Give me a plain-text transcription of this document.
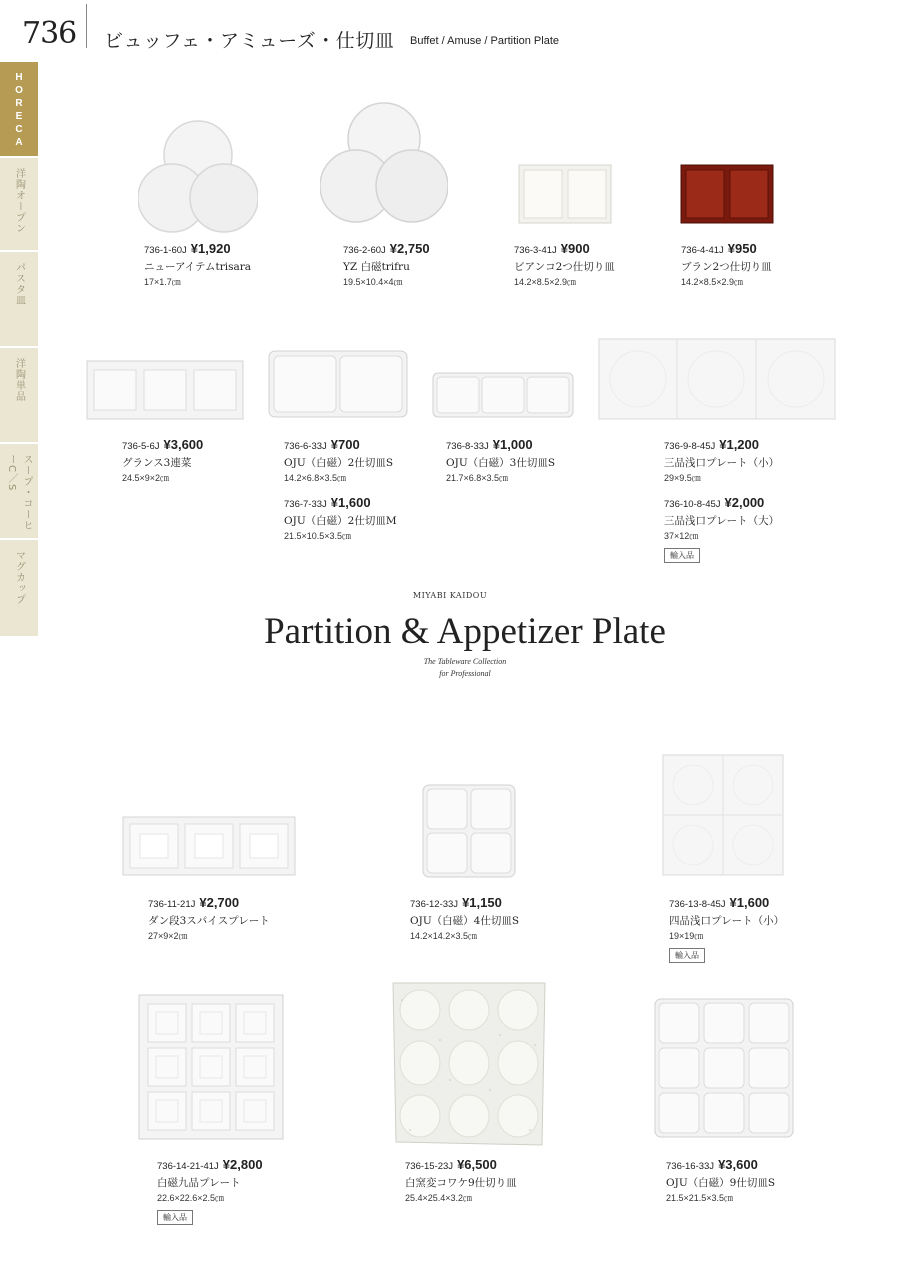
736 ビュッフェ・アミューズ・仕切皿 Buffet / Amuse / Partition Plate
HORECA
洋陶オープン
パスタ皿
洋陶単品
スープ・コーヒーC／S
マグカップ
736-1-60J ¥1,920
ニューアイテムtrisara
17×1.7㎝
736-2-60J ¥2,750
YZ 白磁trifru
19.5×10.4×4㎝
736-3-41J ¥900
ビアンコ2つ仕切り皿
14.2×8.5×2.9㎝
736-4-41J ¥950
ブラン2つ仕切り皿
14.2×8.5×2.9㎝
736-5-6J ¥3,600
グランス3連菜
24.5×9×2㎝
736-6-33J ¥700
OJU（白磁）2仕切皿S
14.2×6.8×3.5㎝
736-7-33J ¥1,600
OJU（白磁）2仕切皿M
21.5×10.5×3.5㎝
736-8-33J ¥1,000
OJU（白磁）3仕切皿S
21.7×6.8×3.5㎝
736-9-8-45J ¥1,200
三品浅口プレート（小）
29×9.5㎝
736-10-8-45J ¥2,000
三品浅口プレート（大）
37×12㎝
輸入品
MIYABI KAIDOU
Partition & Appetizer Plate
The Tableware Collection
for Professional
736-11-21J ¥2,700
ダン段3スパイスプレート
27×9×2㎝
736-12-33J ¥1,150
OJU（白磁）4仕切皿S
14.2×14.2×3.5㎝
736-13-8-45J ¥1,600
四品浅口プレート（小）
19×19㎝
輸入品
736-14-21-41J ¥2,800
白磁九品プレート
22.6×22.6×2.5㎝
輸入品
736-15-23J ¥6,500
白窯変コワケ9仕切り皿
25.4×25.4×3.2㎝
736-16-33J ¥3,600
OJU（白磁）9仕切皿S
21.5×21.5×3.5㎝
